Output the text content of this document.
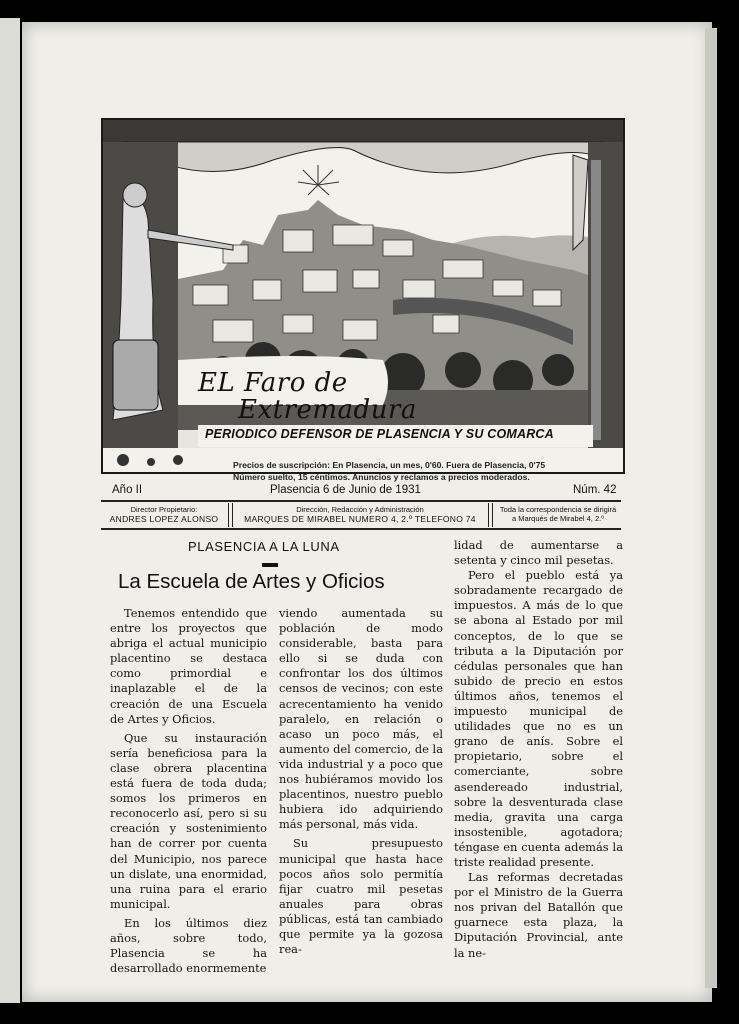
EL Faro de
Extremadura
PERIODICO DEFENSOR DE PLASENCIA Y SU COMARCA
Precios de suscripción: En Plasencia, un mes, 0'60. Fuera de Plasencia, 0'75
Número suelto, 15 céntimos. Anuncios y reclamos a precios moderados.
Año II	Plasencia 6 de Junio de 1931	Núm. 42
Director Propietario:
ANDRES LOPEZ ALONSO
Dirección, Redacción y Administración
MARQUES DE MIRABEL NUMERO 4, 2.º TELEFONO 74
Toda la correspondencia se dirigirá
a Marqués de Mirabel 4, 2.º
PLASENCIA A LA LUNA
La Escuela de Artes y Oficios

Tenemos entendido que entre los proyectos que abriga el actual municipio placentino se destaca como primordial e inaplazable el de la creación de una Escuela de Artes y Oficios.

Que su instauración sería beneficiosa para la clase obrera placentina está fuera de toda duda; somos los primeros en reconocerlo así, pero si su creación y sostenimiento han de correr por cuenta del Municipio, nos parece un dislate, una enormidad, una ruina para el erario municipal.

En los últimos diez años, sobre todo, Plasencia se ha desarrollado enormemente

viendo aumentada su población de modo considerable, basta para ello si se duda con confrontar los dos últimos censos de vecinos; con este acrecentamiento ha venido paralelo, en relación o acaso un poco más, el aumento del comercio, de la vida industrial y a poco que nos hubiéramos movido los placentinos, nuestro pueblo hubiera ido adquiriendo más personal, más vida.

Su presupuesto municipal que hasta hace pocos años solo permitía fijar cuatro mil pesetas anuales para obras públicas, está tan cambiado que permite ya la gozosa rea-

lidad de aumentarse a setenta y cinco mil pesetas.

Pero el pueblo está ya sobradamente recargado de impuestos. A más de lo que se abona al Estado por mil conceptos, de lo que se tributa a la Diputación por cédulas personales que han subido de precio en estos últimos años, tenemos el impuesto municipal de utilidades que no es un grano de anís. Sobre el propietario, sobre el comerciante, sobre asendereado industrial, sobre la desventurada clase media, gravita una carga insostenible, agotadora; téngase en cuenta además la triste realidad presente.

Las reformas decretadas por el Ministro de la Guerra nos privan del Batallón que guarnece esta plaza, la Diputación Provincial, ante la ne-
